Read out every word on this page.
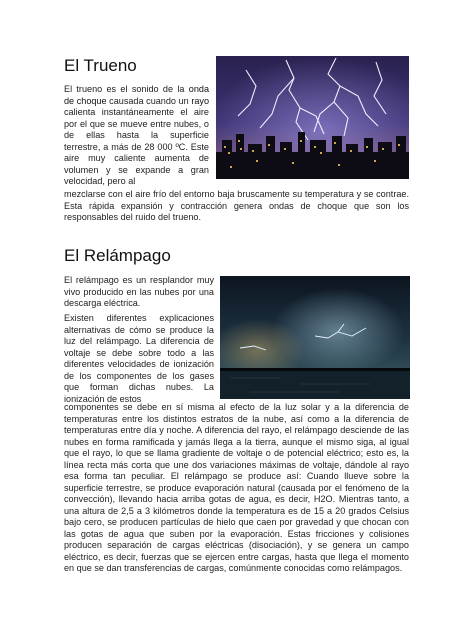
El Trueno
El trueno es el sonido de la onda de choque causada cuando un rayo calienta instantáneamente el aire por el que se mueve entre nubes, o de ellas hasta la superficie terrestre, a más de 28 000 ºC. Este aire muy caliente aumenta de volumen y se expande a gran velocidad, pero al
mezclarse con el aire frío del entorno baja bruscamente su temperatura y se contrae. Esta rápida expansión y contracción genera ondas de choque que son los responsables del ruido del trueno.
El Relámpago
El relámpago es un resplandor muy vivo producido en las nubes por una descarga eléctrica.
Existen diferentes explicaciones alternativas de cómo se produce la luz del relámpago. La diferencia de voltaje se debe sobre todo a las diferentes velocidades de ionización de los componentes de los gases que forman dichas nubes. La ionización de estos
componentes se debe en sí misma al efecto de la luz solar y a la diferencia de temperaturas entre los distintos estratos de la nube, así como a la diferencia de temperaturas entre día y noche. A diferencia del rayo, el relámpago desciende de las nubes en forma ramificada y jamás llega a la tierra, aunque el mismo siga, al igual que el rayo, lo que se llama gradiente de voltaje o de potencial eléctrico; esto es, la línea recta más corta que une dos variaciones máximas de voltaje, dándole al rayo esa forma tan peculiar. El relámpago se produce así: Cuando llueve sobre la superficie terrestre, se produce evaporación natural (causada por el fenómeno de la convección), llevando hacia arriba gotas de agua, es decir, H2O. Mientras tanto, a una altura de 2,5 a 3 kilómetros donde la temperatura es de 15 a 20 grados Celsius bajo cero, se producen partículas de hielo que caen por gravedad y que chocan con las gotas de agua que suben por la evaporación. Estas fricciones y colisiones producen separación de cargas eléctricas (disociación), y se genera un campo eléctrico, es decir, fuerzas que se ejercen entre cargas, hasta que llega el momento en que se dan transferencias de cargas, comúnmente conocidas como relámpagos.
